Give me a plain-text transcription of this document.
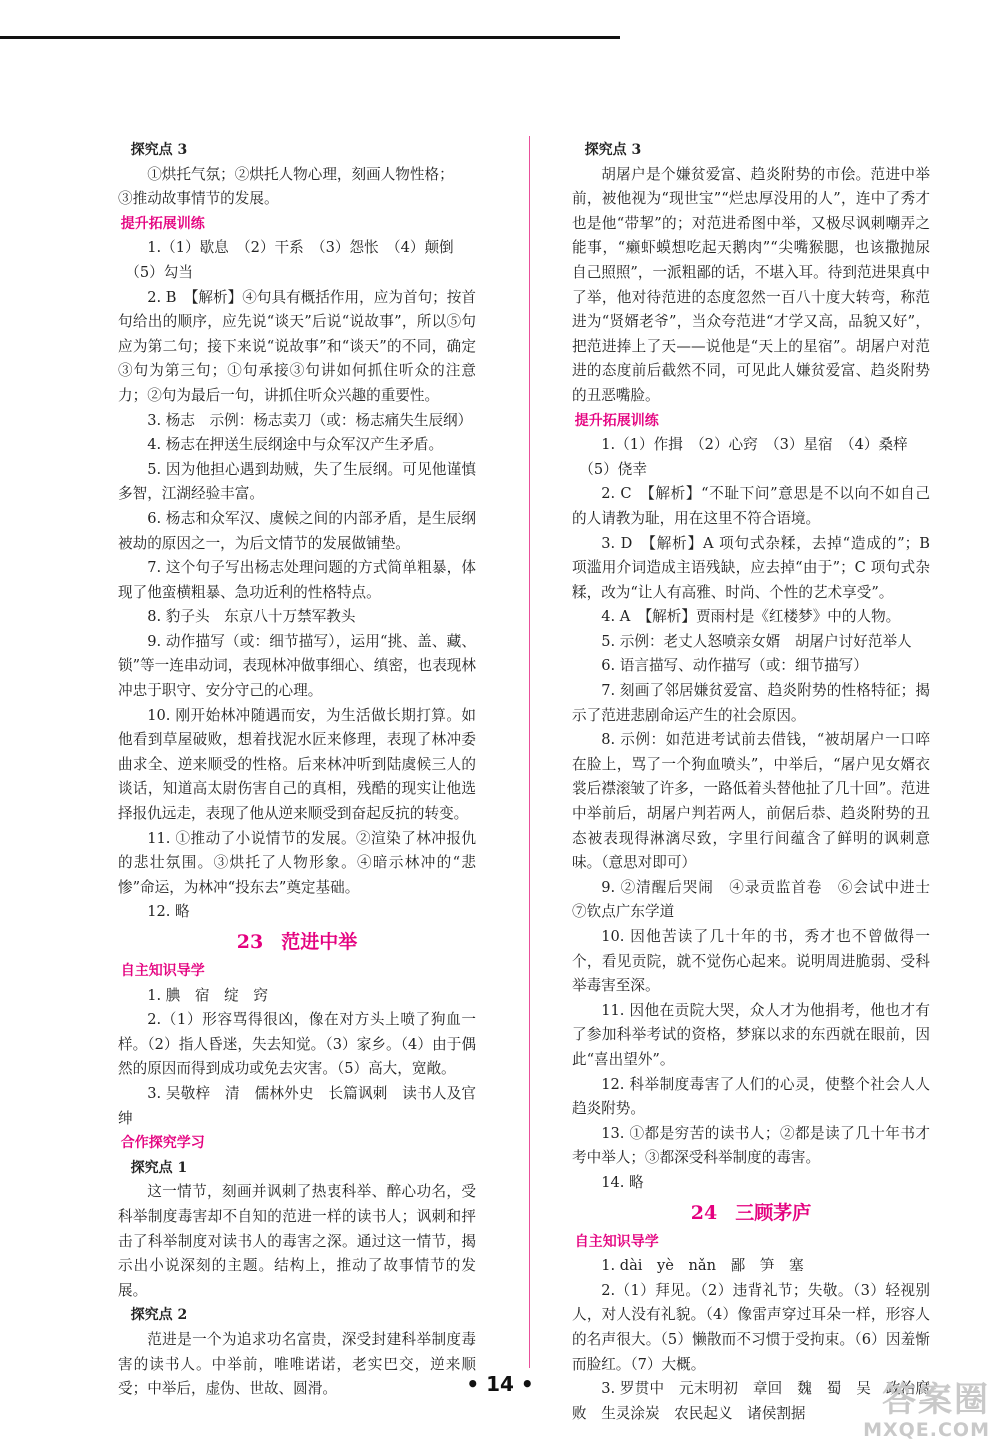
探究点 3

①烘托气氛；②烘托人物心理，刻画人物性格；

③推动故事情节的发展。

提升拓展训练

1.（1）歇息　（2）干系　（3）怨怅　（4）颠倒

　（5）勾当

2. B　【解析】④句具有概括作用，应为首句；按首句给出的顺序，应先说“谈天”后说“说故事”，所以⑤句应为第二句；接下来说“说故事”和“谈天”的不同，确定③句为第三句；①句承接③句讲如何抓住听众的注意力；②句为最后一句，讲抓住听众兴趣的重要性。

3. 杨志　示例：杨志卖刀（或：杨志痛失生辰纲）

4. 杨志在押送生辰纲途中与众军汉产生矛盾。

5. 因为他担心遇到劫贼，失了生辰纲。可见他谨慎多智，江湖经验丰富。

6. 杨志和众军汉、虞候之间的内部矛盾，是生辰纲被劫的原因之一，为后文情节的发展做铺垫。

7. 这个句子写出杨志处理问题的方式简单粗暴，体现了他蛮横粗暴、急功近利的性格特点。

8. 豹子头　东京八十万禁军教头

9. 动作描写（或：细节描写），运用“挑、盖、藏、锁”等一连串动词，表现林冲做事细心、缜密，也表现林冲忠于职守、安分守己的心理。

10. 刚开始林冲随遇而安，为生活做长期打算。如他看到草屋破败，想着找泥水匠来修理，表现了林冲委曲求全、逆来顺受的性格。后来林冲听到陆虞候三人的谈话，知道高太尉伤害自己的真相，残酷的现实让他选择报仇远走，表现了他从逆来顺受到奋起反抗的转变。

11. ①推动了小说情节的发展。②渲染了林冲报仇的悲壮氛围。③烘托了人物形象。④暗示林冲的“悲惨”命运，为林冲“投东去”奠定基础。

12. 略

23 范进中举

自主知识导学

1. 腆　宿　绽　窍

2.（1）形容骂得很凶，像在对方头上喷了狗血一样。（2）指人昏迷，失去知觉。（3）家乡。（4）由于偶然的原因而得到成功或免去灾害。（5）高大，宽敞。

3. 吴敬梓　清　儒林外史　长篇讽刺　读书人及官绅

合作探究学习

探究点 1

这一情节，刻画并讽刺了热衷科举、醉心功名，受科举制度毒害却不自知的范进一样的读书人；讽刺和抨击了科举制度对读书人的毒害之深。通过这一情节，揭示出小说深刻的主题。结构上，推动了故事情节的发展。

探究点 2

范进是一个为追求功名富贵，深受封建科举制度毒害的读书人。中举前，唯唯诺诺，老实巴交，逆来顺受；中举后，虚伪、世故、圆滑。

探究点 3

胡屠户是个嫌贫爱富、趋炎附势的市侩。范进中举前，被他视为“现世宝”“烂忠厚没用的人”，连中了秀才也是他“带挈”的；对范进希图中举，又极尽讽刺嘲弄之能事，“癞虾蟆想吃起天鹅肉”“尖嘴猴腮，也该撒抛尿自己照照”，一派粗鄙的话，不堪入耳。待到范进果真中了举，他对待范进的态度忽然一百八十度大转弯，称范进为“贤婿老爷”，当众夸范进“才学又高，品貌又好”，把范进捧上了天——说他是“天上的星宿”。胡屠户对范进的态度前后截然不同，可见此人嫌贫爱富、趋炎附势的丑恶嘴脸。

提升拓展训练

1.（1）作揖　（2）心窍　（3）星宿　（4）桑梓

　（5）侥幸

2. C　【解析】“不耻下问”意思是不以向不如自己的人请教为耻，用在这里不符合语境。

3. D　【解析】A 项句式杂糅，去掉“造成的”；B 项滥用介词造成主语残缺，应去掉“由于”；C 项句式杂糅，改为“让人有高雅、时尚、个性的艺术享受”。

4. A　【解析】贾雨村是《红楼梦》中的人物。

5. 示例：老丈人怒喷亲女婿　胡屠户讨好范举人

6. 语言描写、动作描写（或：细节描写）

7. 刻画了邻居嫌贫爱富、趋炎附势的性格特征；揭示了范进悲剧命运产生的社会原因。

8. 示例：如范进考试前去借钱，“被胡屠户一口啐在脸上，骂了一个狗血喷头”，中举后，“屠户见女婿衣裳后襟滚皱了许多，一路低着头替他扯了几十回”。范进中举前后，胡屠户判若两人，前倨后恭、趋炎附势的丑态被表现得淋漓尽致，字里行间蕴含了鲜明的讽刺意味。（意思对即可）

9. ②清醒后哭闹　④录贡监首卷　⑥会试中进士　⑦钦点广东学道

10. 因他苦读了几十年的书，秀才也不曾做得一个，看见贡院，就不觉伤心起来。说明周进脆弱、受科举毒害至深。

11. 因他在贡院大哭，众人才为他捐考，他也才有了参加科举考试的资格，梦寐以求的东西就在眼前，因此“喜出望外”。

12. 科举制度毒害了人们的心灵，使整个社会人人趋炎附势。

13. ①都是穷苦的读书人；②都是读了几十年书才考中举人；③都深受科举制度的毒害。

14. 略

24 三顾茅庐

自主知识导学

1. dài　yè　nǎn　鄙　笋　塞

2.（1）拜见。（2）违背礼节；失敬。（3）轻视别人，对人没有礼貌。（4）像雷声穿过耳朵一样，形容人的名声很大。（5）懒散而不习惯于受拘束。（6）因羞惭而脸红。（7）大概。

3. 罗贯中　元末明初　章回　魏　蜀　吴　政治腐败　生灵涂炭　农民起义　诸侯割据

• 14 •	答案圈
MXQE.COM
